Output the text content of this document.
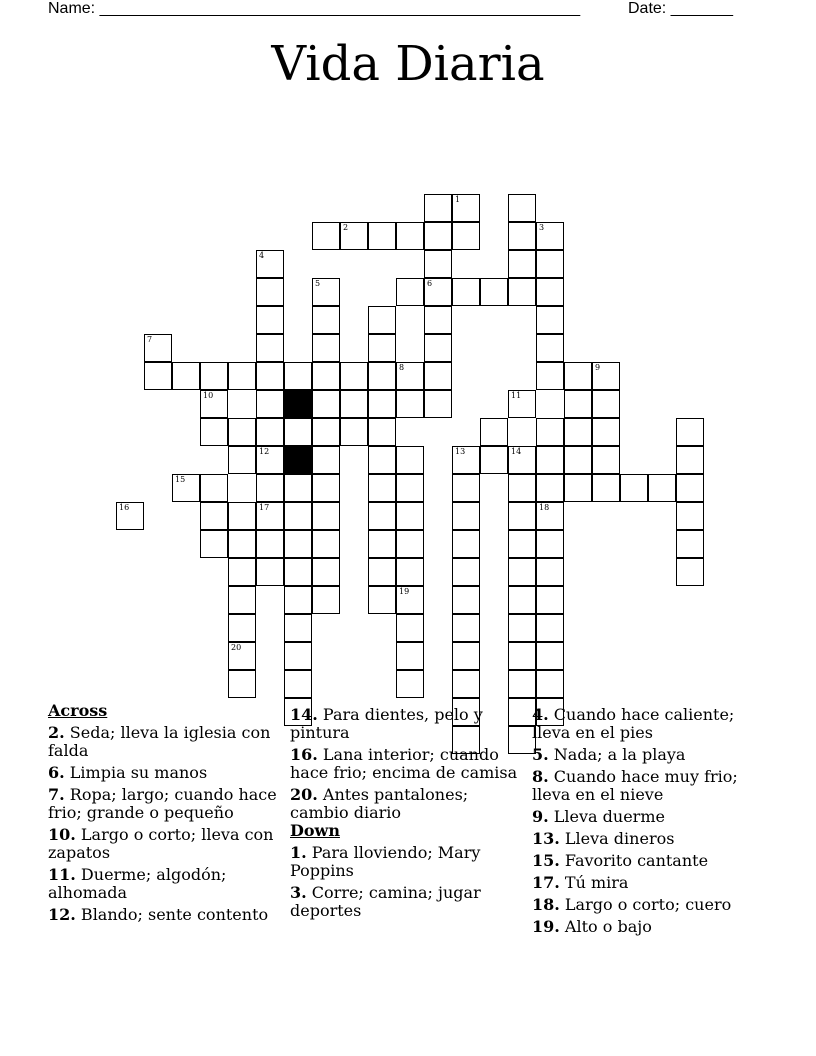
Name: ______________________________________________________	Date: _______
Vida Diaria
6
2	3
4
12
17
5
8
10
20
19
18
13	14
9
1
7
11
15
16
Across
2. Seda; lleva la iglesia con falda
6. Limpia su manos
7. Ropa; largo; cuando hace frio; grande o pequeño
10. Largo o corto; lleva con zapatos
11. Duerme; algodón; alhomada
12. Blando; sente contento
14. Para dientes, pelo y pintura
16. Lana interior; cuando hace frio; encima de camisa
20. Antes pantalones; cambio diario
Down
1. Para lloviendo; Mary Poppins
3. Corre; camina; jugar deportes
4. Cuando hace caliente; lleva en el pies
5. Nada; a la playa
8. Cuando hace muy frio; lleva en el nieve
9. Lleva duerme
13. Lleva dineros
15. Favorito cantante
17. Tú mira
18. Largo o corto; cuero
19. Alto o bajo
